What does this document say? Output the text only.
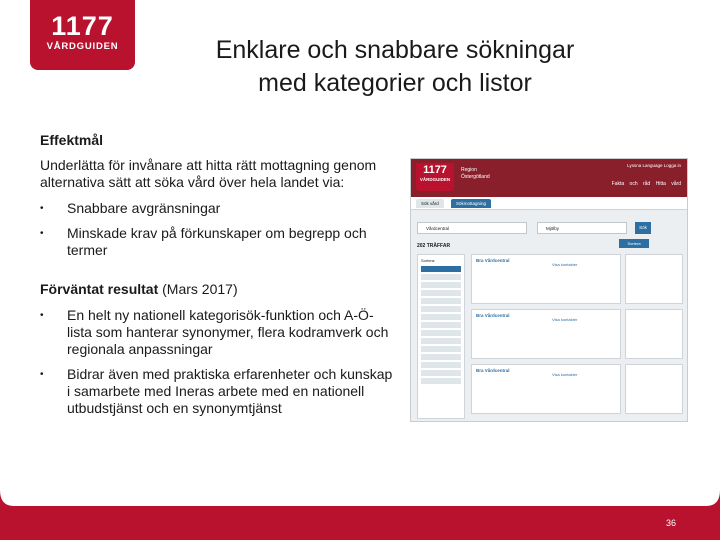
1177
VÅRDGUIDEN	Enklare och snabbare sökningar
med kategorier och listor
Effektmål
Underlätta för invånare att hitta rätt mottagning genom alternativa sätt att söka vård över hela landet via:
• Snabbare avgränsningar
• Minskade krav på förkunskaper om begrepp och termer
Förväntat resultat (Mars 2017)
• En helt ny nationell kategorisök-funktion och A-Ö-lista som hanterar synonymer, flera kodramverk och regionala anpassningar
• Bidrar även med praktiska erfarenheter och kunskap i samarbete med Ineras arbete med en nationell utbudstjänst och en synonymtjänst
1177
VÅRDGUIDEN
Region
Östergötland
Lyssna Language Logga in
Fakta och råd Hitta vård
Sök vård	Sökmottagning
Vårdcentral	Mjölby	Sök
202 TRÄFFAR	Sortera
Sortera:	Bra Vårdcentral
Visa kontakter
Bra Vårdcentral
Visa kontakter
Bra Vårdcentral
Visa kontakter
36
